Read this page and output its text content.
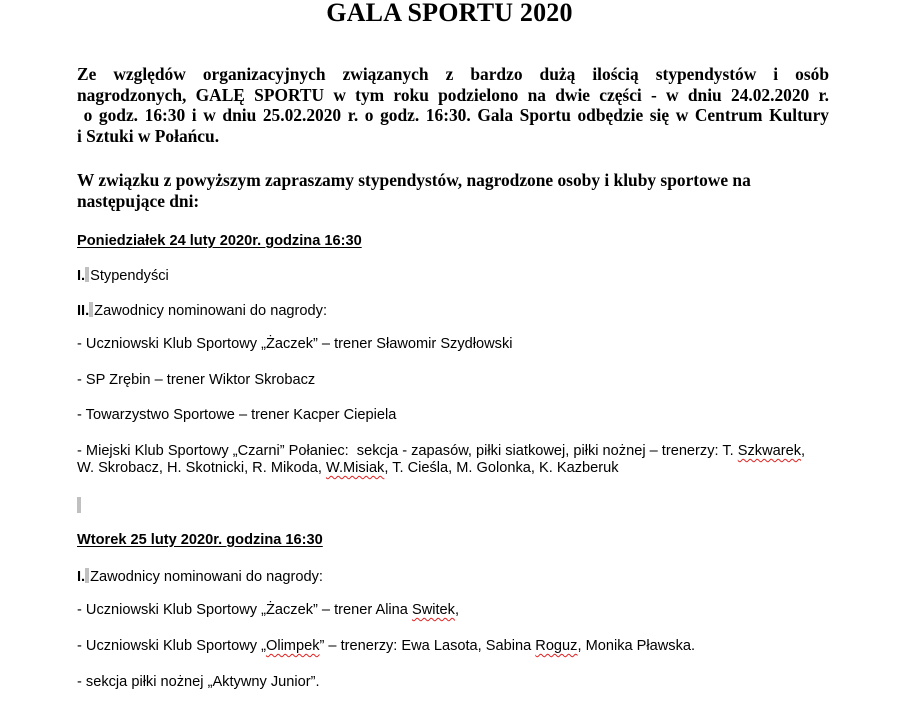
GALA SPORTU 2020
Ze względów organizacyjnych związanych z bardzo dużą ilością stypendystów i osób
nagrodzonych, GALĘ SPORTU w tym roku podzielono na dwie części - w dniu 24.02.2020 r.
o godz. 16:30 i w dniu 25.02.2020 r. o godz. 16:30. Gala Sportu odbędzie się w Centrum Kultury
i Sztuki w Połańcu.
W związku z powyższym zapraszamy stypendystów, nagrodzone osoby i kluby sportowe na
następujące dni:
Poniedziałek 24 luty 2020r. godzina 16:30
I. Stypendyści
II. Zawodnicy nominowani do nagrody:
- Uczniowski Klub Sportowy „Żaczek” – trener Sławomir Szydłowski
- SP Zrębin – trener Wiktor Skrobacz
- Towarzystwo Sportowe – trener Kacper Ciepiela
- Miejski Klub Sportowy „Czarni” Połaniec:  sekcja - zapasów, piłki siatkowej, piłki nożnej – trenerzy: T. Szkwarek,
W. Skrobacz, H. Skotnicki, R. Mikoda, W.Misiak, T. Cieśla, M. Golonka, K. Kazberuk
Wtorek 25 luty 2020r. godzina 16:30
I. Zawodnicy nominowani do nagrody:
- Uczniowski Klub Sportowy „Żaczek” – trener Alina Switek,
- Uczniowski Klub Sportowy „Olimpek” – trenerzy: Ewa Lasota, Sabina Roguz, Monika Pławska.
- sekcja piłki nożnej „Aktywny Junior”.
